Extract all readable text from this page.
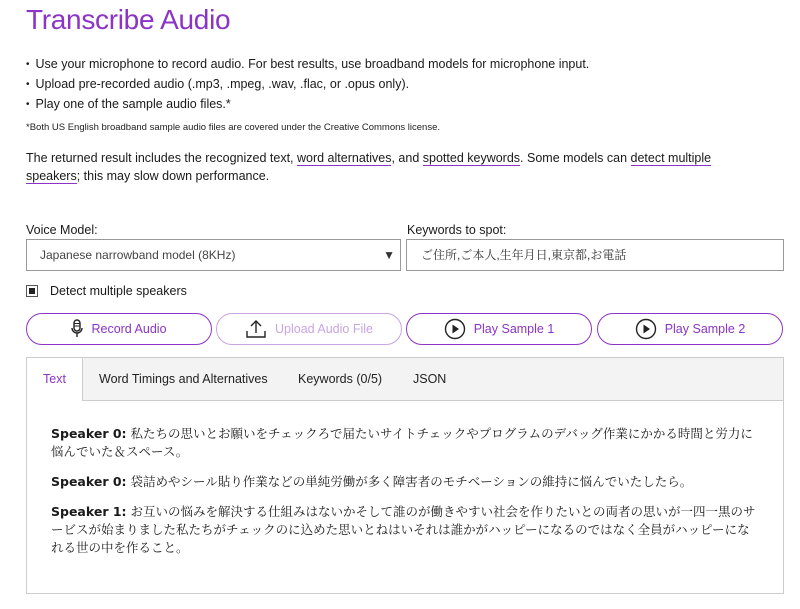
Transcribe Audio
• Use your microphone to record audio. For best results, use broadband models for microphone input.
• Upload pre-recorded audio (.mp3, .mpeg, .wav, .flac, or .opus only).
• Play one of the sample audio files.*
*Both US English broadband sample audio files are covered under the Creative Commons license.
The returned result includes the recognized text, word alternatives, and spotted keywords. Some models can detect multiple speakers; this may slow down performance.
Voice Model:	Keywords to spot:
Japanese narrowband model (8KHz)	▼	ご住所,ご本人,生年月日,東京都,お電話
Detect multiple speakers
Record Audio	Upload Audio File	Play Sample 1	Play Sample 2
Text	Word Timings and Alternatives Keywords (0/5) JSON

Speaker 0: 私たちの思いとお願いをチェックろで届たいサイトチェックやプログラムのデバッグ作業にかかる時間と労力に悩んでいた＆スペース。

Speaker 0: 袋詰めやシール貼り作業などの単純労働が多く障害者のモチベーションの維持に悩んでいたしたら。

Speaker 1: お互いの悩みを解決する仕組みはないかそして誰のが働きやすい社会を作りたいとの両者の思いが一四一黒のサービスが始まりました私たちがチェックのに込めた思いとねはいそれは誰かがハッピーになるのではなく全員がハッピーになれる世の中を作ること。
